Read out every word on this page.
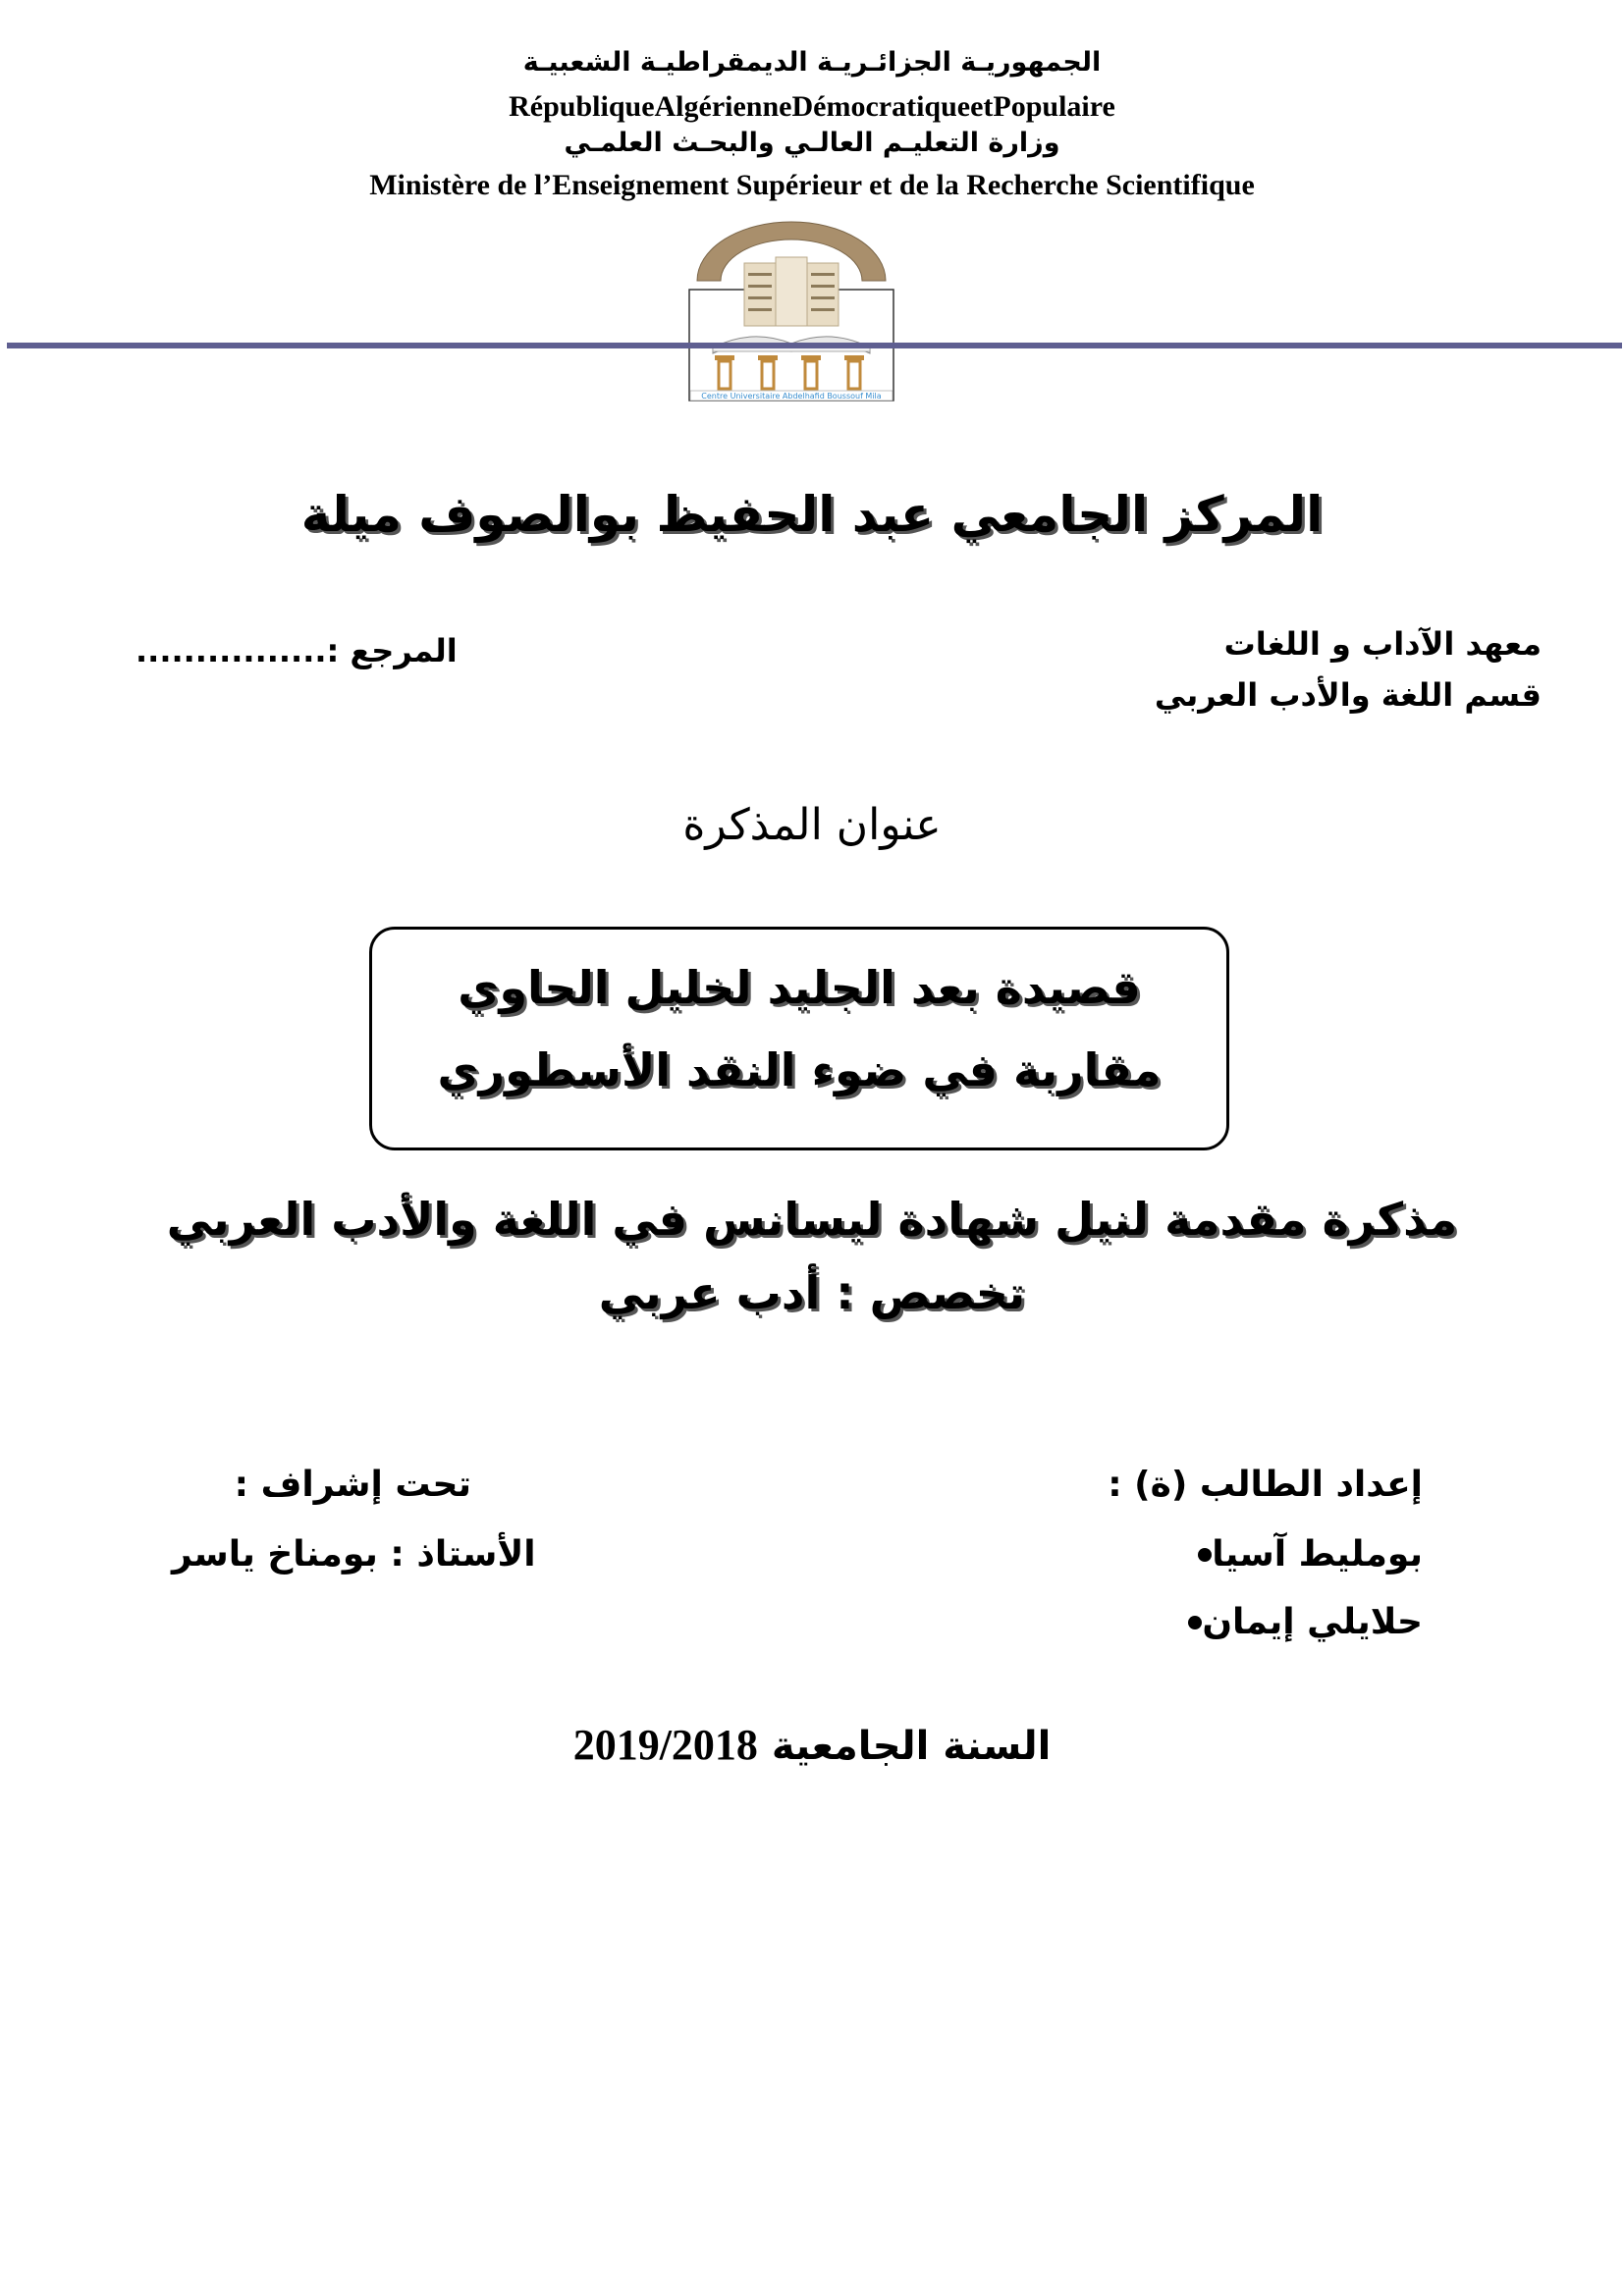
الجمهوريـة الجزائـريـة الديمقراطيـة الشعبيـة
RépubliqueAlgérienneDémocratiqueetPopulaire
وزارة التعليـم العالـي والبحـث العلمـي
Ministère de l’Enseignement Supérieur et de la Recherche Scientifique
Centre Universitaire Abdelhafid Boussouf Mila
المركز الجامعي عبد الحفيظ بوالصوف ميلة
معهد الآداب و اللغات
قسم اللغة والأدب العربي
المرجع :................
عنوان المذكرة
قصيدة بعد الجليد لخليل الحاوي
مقاربة في ضوء النقد الأسطوري
مذكرة مقدمة لنيل شهادة ليسانس في اللغة والأدب العربي
تخصص : أدب عربي
إعداد الطالب (ة) :
بومليط آسيا
حلايلي إيمان
تحت إشراف :
الأستاذ : بومناخ ياسر
السنة الجامعية 2019/2018
